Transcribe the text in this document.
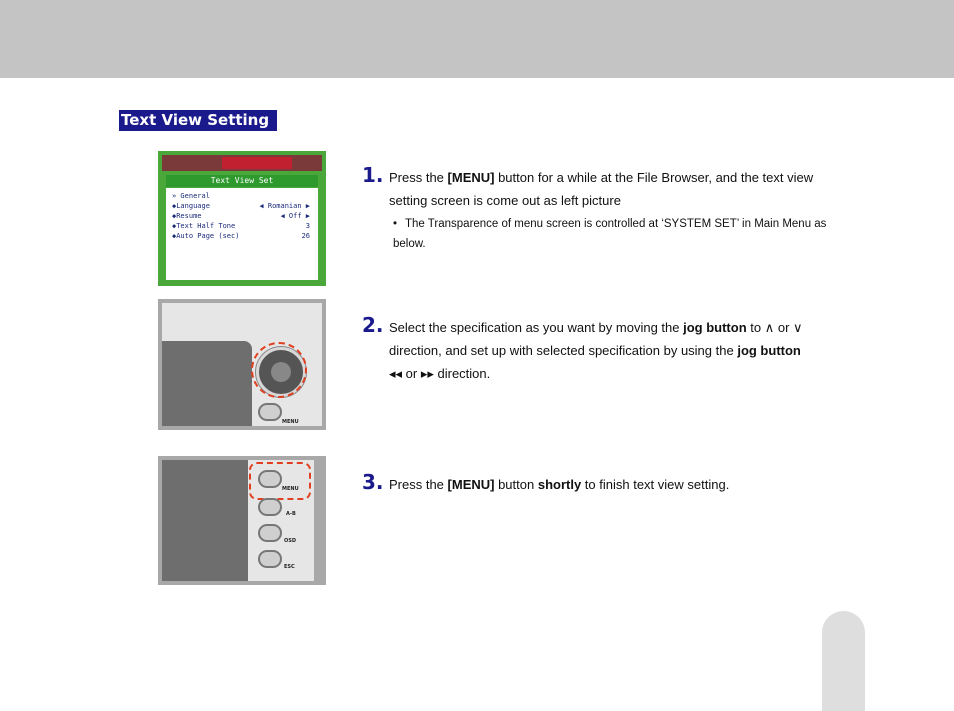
Text View Setting
Text View Set
» General
◆Language	◀ Romanian ▶
◆Resume	◀ Off ▶
◆Text Half Tone	3
◆Auto Page (sec)	26
MENU
MENU
A-B
OSD
ESC
1. Press the [MENU] button for a while at the File Browser, and the text view setting screen is come out as left picture
• The Transparence of menu screen is controlled at ‘SYSTEM SET’ in Main Menu as below.
2. Select the specification as you want by moving the jog button to ∧ or ∨ direction, and set up with selected specification by using the jog button
◂◂ or ▸▸ direction.
3. Press the [MENU] button shortly to finish text view setting.
